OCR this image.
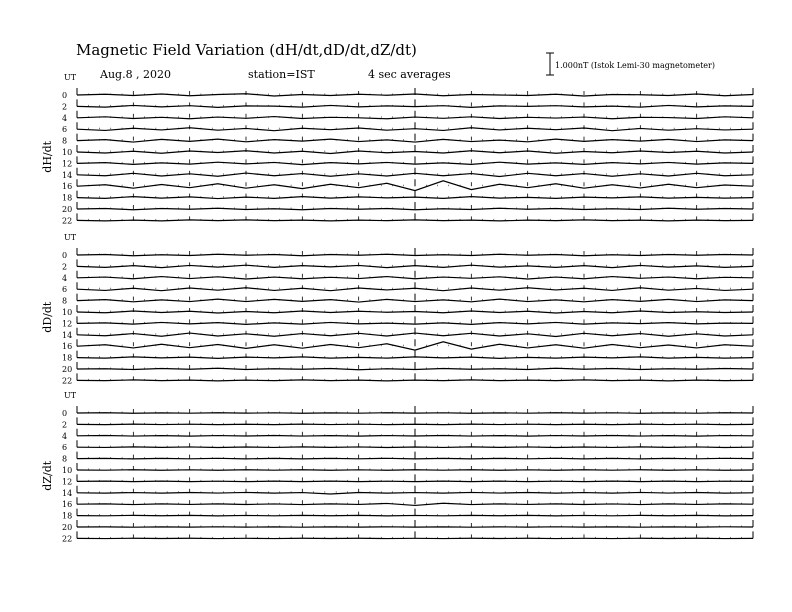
Magnetic Field Variation (dH/dt,dD/dt,dZ/dt)
Aug.8 , 2020	station=IST	4 sec averages
1.000nT (Istok Lemi-30 magnetometer)
UT
dH/dt
0
2
4
6
8
10
12
14
16
18
20
22
UT
dD/dt
0
2
4
6
8
10
12
14
16
18
20
22
UT
dZ/dt
0
2
4
6
8
10
12
14
16
18
20
22
